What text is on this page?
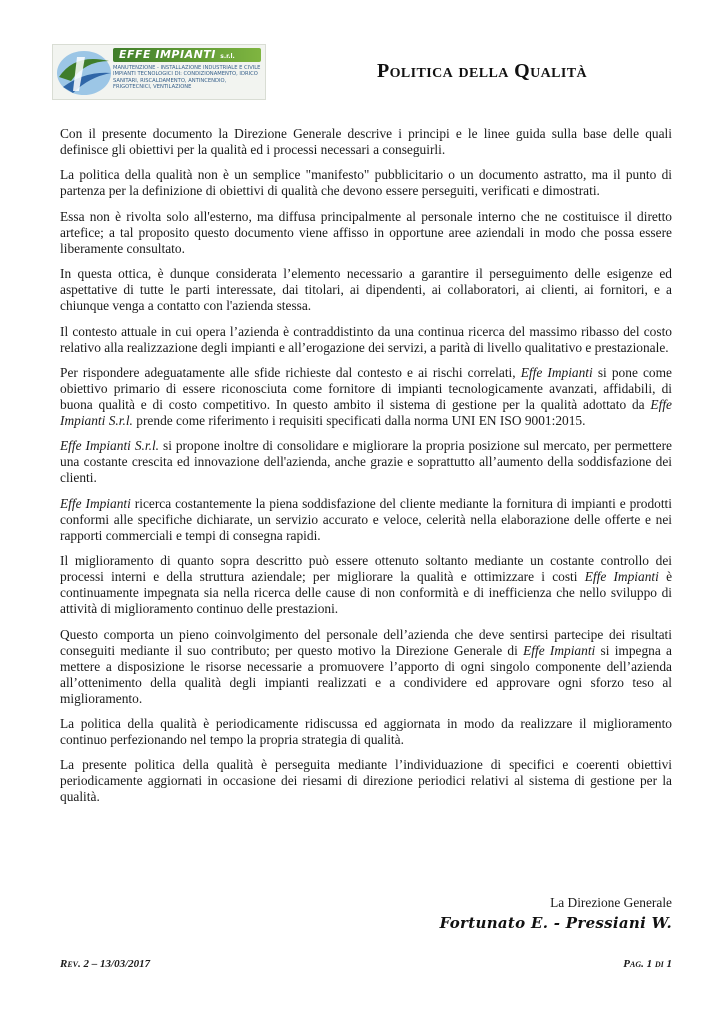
EFFE IMPIANTI s.r.l.
MANUTENZIONE - INSTALLAZIONE INDUSTRIALE E CIVILE IMPIANTI TECNOLOGICI DI: CONDIZIONAMENTO, IDRICO SANITARI, RISCALDAMENTO, ANTINCENDIO, FRIGOTECNICI, VENTILAZIONE
Politica della Qualità

Con il presente documento la Direzione Generale descrive i principi e le linee guida sulla base delle quali definisce gli obiettivi per la qualità ed i processi necessari a conseguirli.

La politica della qualità non è un semplice "manifesto" pubblicitario o un documento astratto, ma il punto di partenza per la definizione di obiettivi di qualità che devono essere perseguiti, verificati e dimostrati.

Essa non è rivolta solo all'esterno, ma diffusa principalmente al personale interno che ne costituisce il diretto artefice; a tal proposito questo documento viene affisso in opportune aree aziendali in modo che possa essere liberamente consultato.

In questa ottica, è dunque considerata l’elemento necessario a garantire il perseguimento delle esigenze ed aspettative di tutte le parti interessate, dai titolari, ai dipendenti, ai collaboratori, ai clienti, ai fornitori, e a chiunque venga a contatto con l'azienda stessa.

Il contesto attuale in cui opera l’azienda è contraddistinto da una continua ricerca del massimo ribasso del costo relativo alla realizzazione degli impianti e all’erogazione dei servizi, a parità di livello qualitativo e prestazionale.

Per rispondere adeguatamente alle sfide richieste dal contesto e ai rischi correlati, Effe Impianti si pone come obiettivo primario di essere riconosciuta come fornitore di impianti tecnologicamente avanzati, affidabili, di buona qualità e di costo competitivo. In questo ambito il sistema di gestione per la qualità adottato da Effe Impianti S.r.l. prende come riferimento i requisiti specificati dalla norma UNI EN ISO 9001:2015.

Effe Impianti S.r.l. si propone inoltre di consolidare e migliorare la propria posizione sul mercato, per permettere una costante crescita ed innovazione dell'azienda, anche grazie e soprattutto all’aumento della soddisfazione dei clienti.

Effe Impianti ricerca costantemente la piena soddisfazione del cliente mediante la fornitura di impianti e prodotti conformi alle specifiche dichiarate, un servizio accurato e veloce, celerità nella elaborazione delle offerte e nei rapporti commerciali e tempi di consegna rapidi.

Il miglioramento di quanto sopra descritto può essere ottenuto soltanto mediante un costante controllo dei processi interni e della struttura aziendale; per migliorare la qualità e ottimizzare i costi Effe Impianti è continuamente impegnata sia nella ricerca delle cause di non conformità e di inefficienza che nello sviluppo di attività di miglioramento continuo delle prestazioni.

Questo comporta un pieno coinvolgimento del personale dell’azienda che deve sentirsi partecipe dei risultati conseguiti mediante il suo contributo; per questo motivo la Direzione Generale di Effe Impianti si impegna a mettere a disposizione le risorse necessarie a promuovere l’apporto di ogni singolo componente dell’azienda all’ottenimento della qualità degli impianti realizzati e a condividere ed approvare ogni sforzo teso al miglioramento.

La politica della qualità è periodicamente ridiscussa ed aggiornata in modo da realizzare il miglioramento continuo perfezionando nel tempo la propria strategia di qualità.

La presente politica della qualità è perseguita mediante l’individuazione di specifici e coerenti obiettivi periodicamente aggiornati in occasione dei riesami di direzione periodici relativi al sistema di gestione per la qualità.

La Direzione Generale
Fortunato E. - Pressiani W.
Rev. 2 – 13/03/2017	Pag. 1 di 1
